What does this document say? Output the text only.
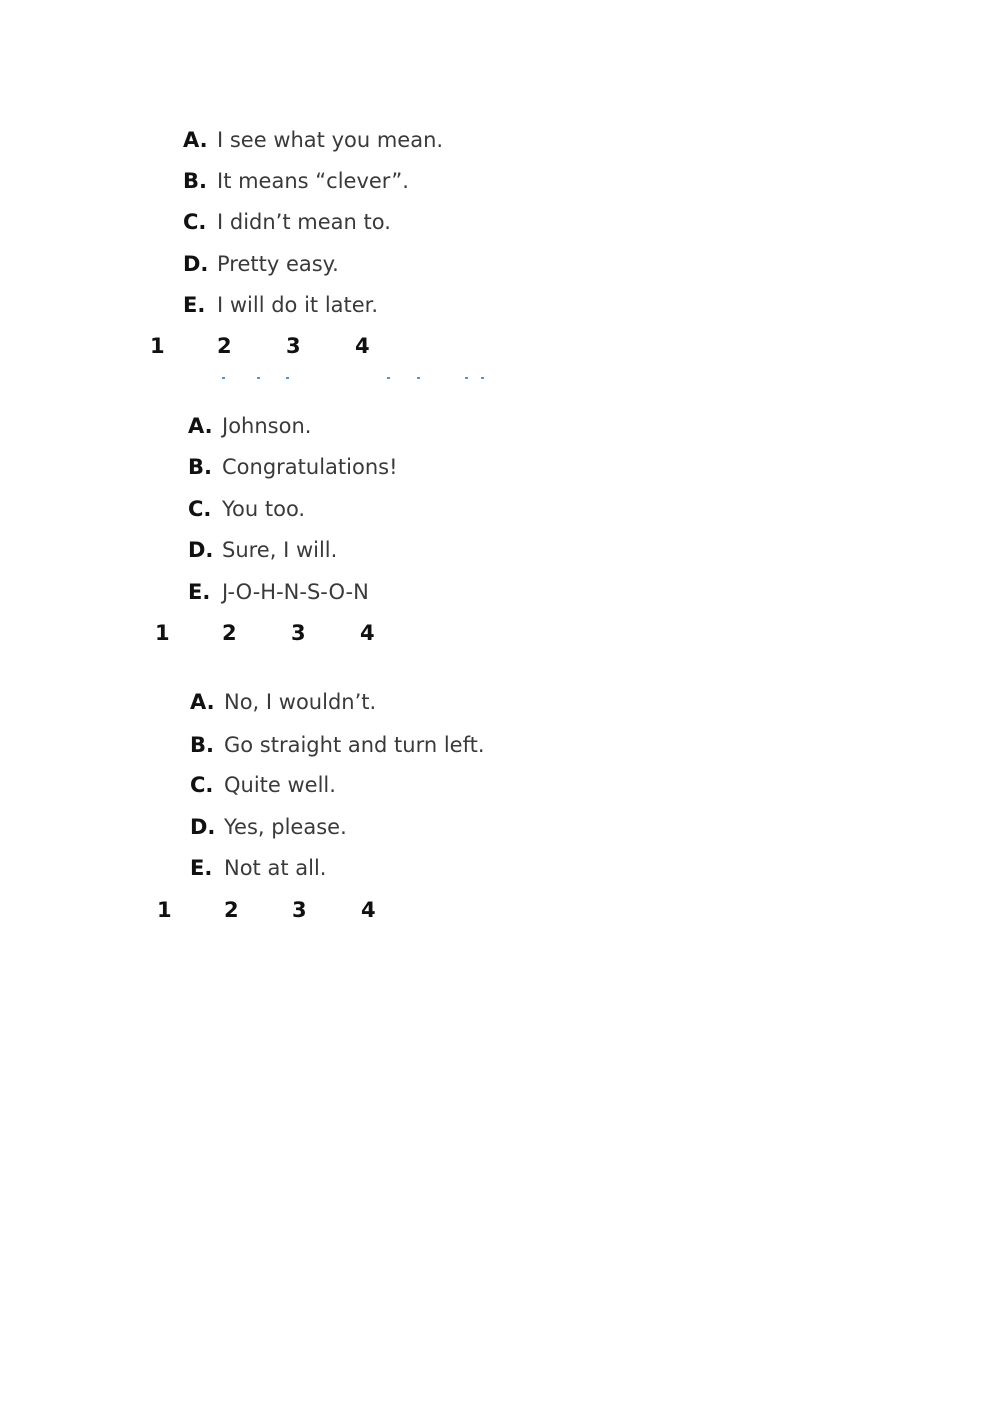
A. I see what you mean.
B. It means “clever”.
C. I didn’t mean to.
D. Pretty easy.
E. I will do it later.
1 2	3	4
A. Johnson.
B. Congratulations!
C. You too.
D. Sure, I will.
E. J-O-H-N-S-O-N
1 2	3	4
A. No, I wouldn’t.
B. Go straight and turn left.
C. Quite well.
D. Yes, please.
E. Not at all.
1 2	3	4
